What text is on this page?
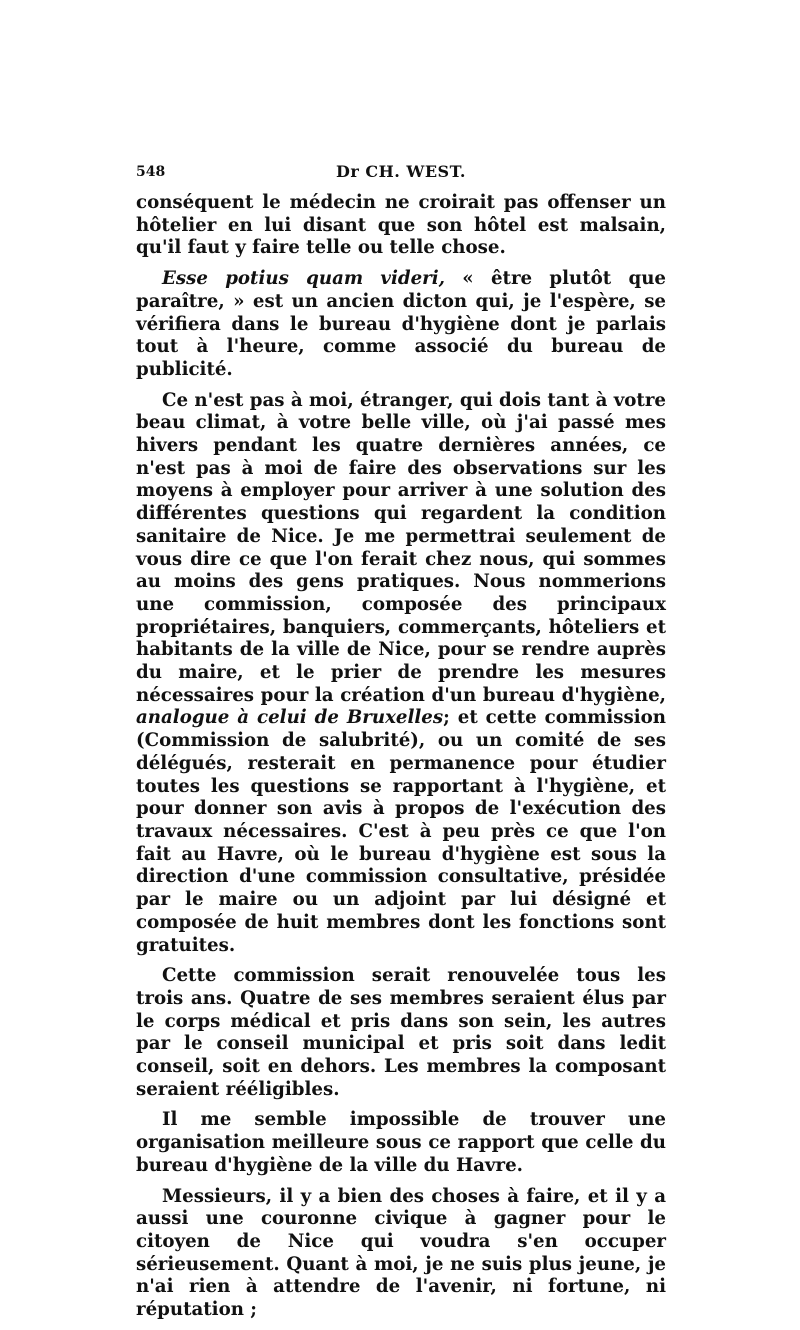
548	Dr CH. WEST.

conséquent le médecin ne croirait pas offenser un hôtelier en lui disant que son hôtel est malsain, qu'il faut y faire telle ou telle chose.

Esse potius quam videri, « être plutôt que paraître, » est un ancien dicton qui, je l'espère, se vérifiera dans le bureau d'hygiène dont je parlais tout à l'heure, comme associé du bureau de publicité.

Ce n'est pas à moi, étranger, qui dois tant à votre beau climat, à votre belle ville, où j'ai passé mes hivers pendant les quatre dernières années, ce n'est pas à moi de faire des observations sur les moyens à employer pour arriver à une solution des différentes questions qui regardent la condition sanitaire de Nice. Je me permettrai seulement de vous dire ce que l'on ferait chez nous, qui sommes au moins des gens pratiques. Nous nommerions une commission, composée des principaux propriétaires, banquiers, commerçants, hôteliers et habitants de la ville de Nice, pour se rendre auprès du maire, et le prier de prendre les mesures nécessaires pour la création d'un bureau d'hygiène, analogue à celui de Bruxelles; et cette commission (Commission de salubrité), ou un comité de ses délégués, resterait en permanence pour étudier toutes les questions se rapportant à l'hygiène, et pour donner son avis à propos de l'exécution des travaux nécessaires. C'est à peu près ce que l'on fait au Havre, où le bureau d'hygiène est sous la direction d'une commission consultative, présidée par le maire ou un adjoint par lui désigné et composée de huit membres dont les fonctions sont gratuites.

Cette commission serait renouvelée tous les trois ans. Quatre de ses membres seraient élus par le corps médical et pris dans son sein, les autres par le conseil municipal et pris soit dans ledit conseil, soit en dehors. Les membres la composant seraient rééligibles.

Il me semble impossible de trouver une organisation meilleure sous ce rapport que celle du bureau d'hygiène de la ville du Havre.

Messieurs, il y a bien des choses à faire, et il y a aussi une couronne civique à gagner pour le citoyen de Nice qui voudra s'en occuper sérieusement. Quant à moi, je ne suis plus jeune, je n'ai rien à attendre de l'avenir, ni fortune, ni réputation ;
